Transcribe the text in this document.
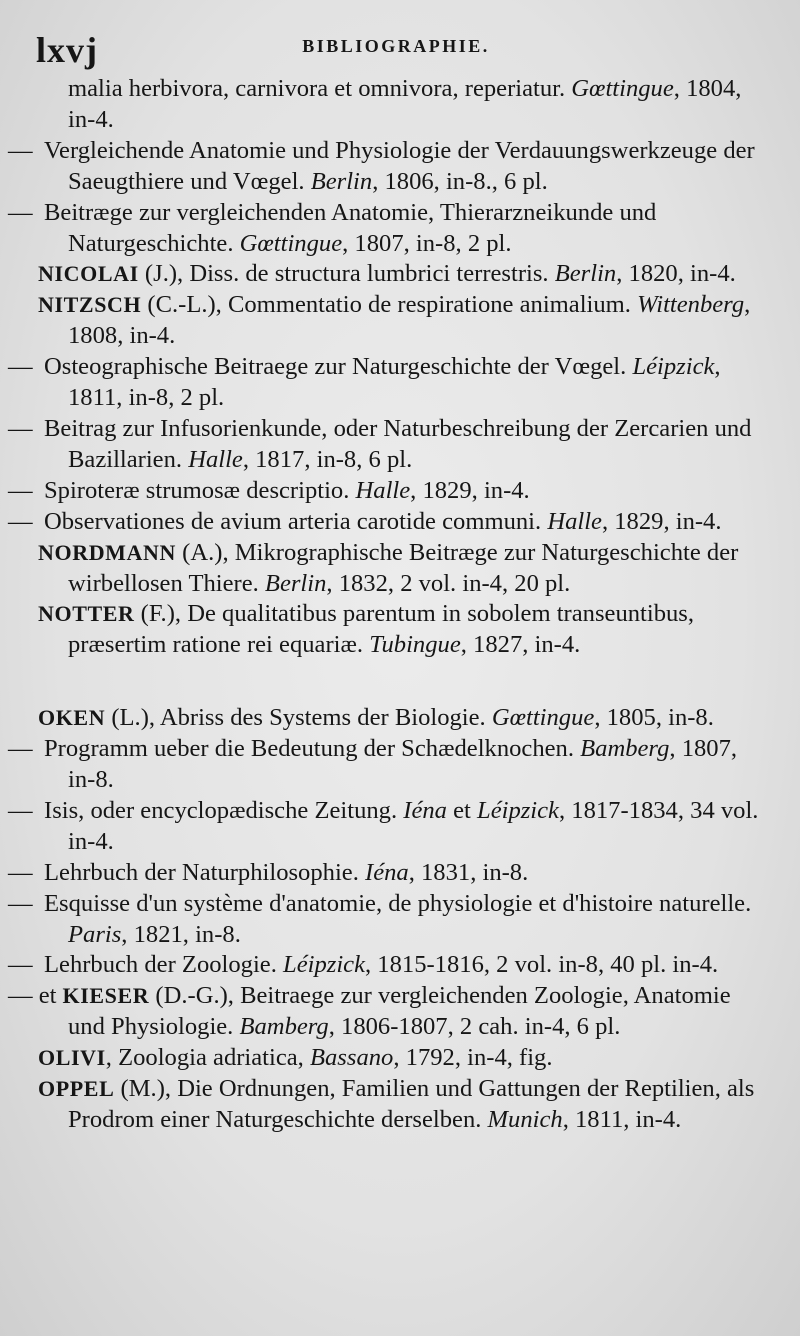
lxvj	BIBLIOGRAPHIE.

malia herbivora, carnivora et omnivora, reperiatur. Gœttingue, 1804, in-4.

— Vergleichende Anatomie und Physiologie der Verdauungswerkzeuge der Saeugthiere und Vœgel. Berlin, 1806, in-8., 6 pl.

— Beitræge zur vergleichenden Anatomie, Thierarzneikunde und Naturgeschichte. Gœttingue, 1807, in-8, 2 pl.

NICOLAI (J.), Diss. de structura lumbrici terrestris. Berlin, 1820, in-4.

NITZSCH (C.-L.), Commentatio de respiratione animalium. Wittenberg, 1808, in-4.

— Osteographische Beitraege zur Naturgeschichte der Vœgel. Léipzick, 1811, in-8, 2 pl.

— Beitrag zur Infusorienkunde, oder Naturbeschreibung der Zercarien und Bazillarien. Halle, 1817, in-8, 6 pl.

— Spiroteræ strumosæ descriptio. Halle, 1829, in-4.

— Observationes de avium arteria carotide communi. Halle, 1829, in-4.

NORDMANN (A.), Mikrographische Beitræge zur Naturgeschichte der wirbellosen Thiere. Berlin, 1832, 2 vol. in-4, 20 pl.

NOTTER (F.), De qualitatibus parentum in sobolem transeuntibus, præsertim ratione rei equariæ. Tubingue, 1827, in-4.

OKEN (L.), Abriss des Systems der Biologie. Gœttingue, 1805, in-8.

— Programm ueber die Bedeutung der Schædelknochen. Bamberg, 1807, in-8.

— Isis, oder encyclopædische Zeitung. Iéna et Léipzick, 1817-1834, 34 vol. in-4.

— Lehrbuch der Naturphilosophie. Iéna, 1831, in-8.

— Esquisse d'un système d'anatomie, de physiologie et d'histoire naturelle. Paris, 1821, in-8.

— Lehrbuch der Zoologie. Léipzick, 1815-1816, 2 vol. in-8, 40 pl. in-4.

— et KIESER (D.-G.), Beitraege zur vergleichenden Zoologie, Anatomie und Physiologie. Bamberg, 1806-1807, 2 cah. in-4, 6 pl.

OLIVI, Zoologia adriatica, Bassano, 1792, in-4, fig.

OPPEL (M.), Die Ordnungen, Familien und Gattungen der Reptilien, als Prodrom einer Naturgeschichte derselben. Munich, 1811, in-4.
